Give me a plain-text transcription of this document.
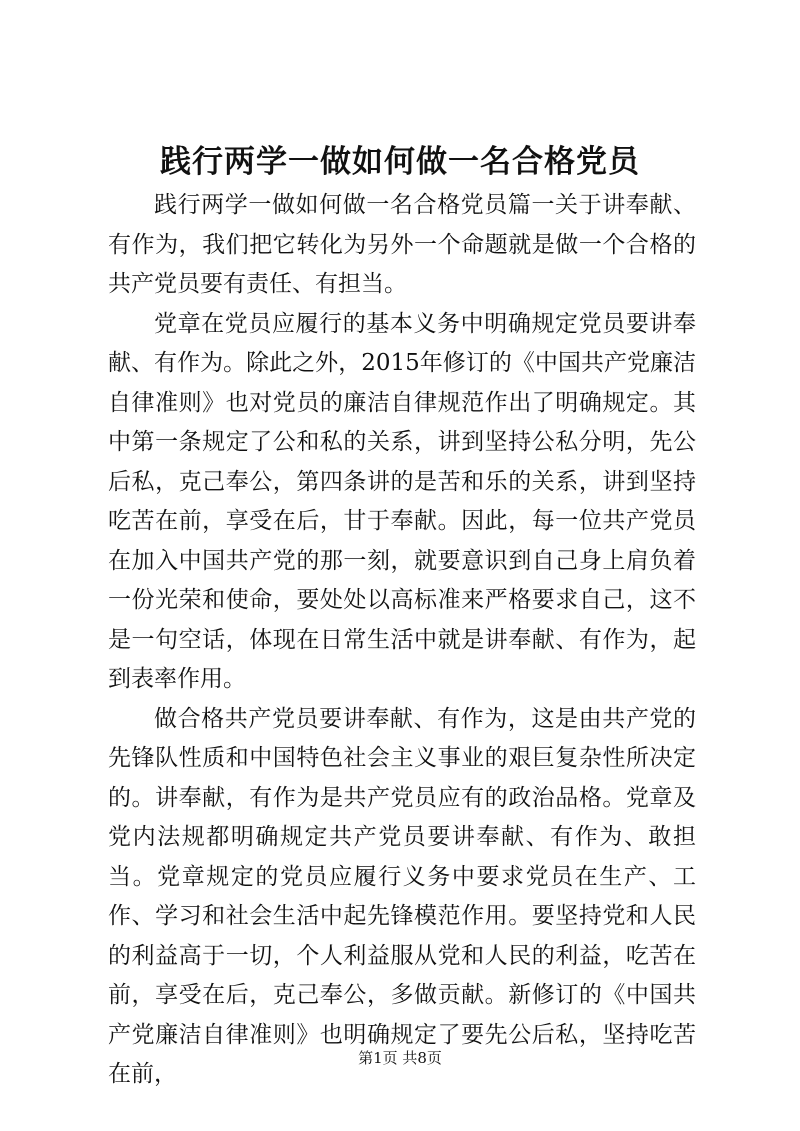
践行两学一做如何做一名合格党员

践行两学一做如何做一名合格党员篇一关于讲奉献、有作为，我们把它转化为另外一个命题就是做一个合格的共产党员要有责任、有担当。

党章在党员应履行的基本义务中明确规定党员要讲奉献、有作为。除此之外，2015年修订的《中国共产党廉洁自律准则》也对党员的廉洁自律规范作出了明确规定。其中第一条规定了公和私的关系，讲到坚持公私分明，先公后私，克己奉公，第四条讲的是苦和乐的关系，讲到坚持吃苦在前，享受在后，甘于奉献。因此，每一位共产党员在加入中国共产党的那一刻，就要意识到自己身上肩负着一份光荣和使命，要处处以高标准来严格要求自己，这不是一句空话，体现在日常生活中就是讲奉献、有作为，起到表率作用。

做合格共产党员要讲奉献、有作为，这是由共产党的先锋队性质和中国特色社会主义事业的艰巨复杂性所决定的。讲奉献，有作为是共产党员应有的政治品格。党章及党内法规都明确规定共产党员要讲奉献、有作为、敢担当。党章规定的党员应履行义务中要求党员在生产、工作、学习和社会生活中起先锋模范作用。要坚持党和人民的利益高于一切，个人利益服从党和人民的利益，吃苦在前，享受在后，克己奉公，多做贡献。新修订的《中国共产党廉洁自律准则》也明确规定了要先公后私，坚持吃苦在前，

第1页 共8页
